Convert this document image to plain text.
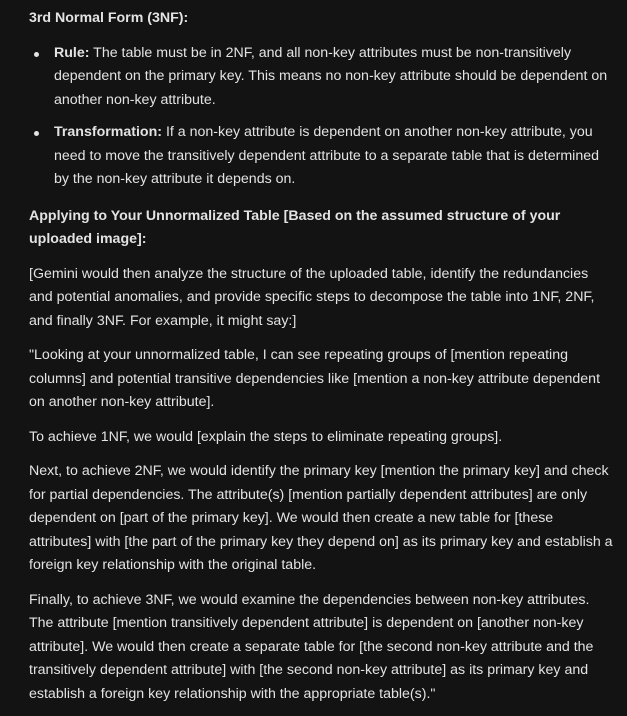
3rd Normal Form (3NF):
Rule: The table must be in 2NF, and all non-key attributes must be non-transitively dependent on the primary key. This means no non-key attribute should be dependent on another non-key attribute.
Transformation: If a non-key attribute is dependent on another non-key attribute, you need to move the transitively dependent attribute to a separate table that is determined by the non-key attribute it depends on.

Applying to Your Unnormalized Table [Based on the assumed structure of your uploaded image]:

[Gemini would then analyze the structure of the uploaded table, identify the redundancies and potential anomalies, and provide specific steps to decompose the table into 1NF, 2NF, and finally 3NF. For example, it might say:]

"Looking at your unnormalized table, I can see repeating groups of [mention repeating columns] and potential transitive dependencies like [mention a non-key attribute dependent on another non-key attribute].

To achieve 1NF, we would [explain the steps to eliminate repeating groups].

Next, to achieve 2NF, we would identify the primary key [mention the primary key] and check for partial dependencies. The attribute(s) [mention partially dependent attributes] are only dependent on [part of the primary key]. We would then create a new table for [these attributes] with [the part of the primary key they depend on] as its primary key and establish a foreign key relationship with the original table.

Finally, to achieve 3NF, we would examine the dependencies between non-key attributes. The attribute [mention transitively dependent attribute] is dependent on [another non-key attribute]. We would then create a separate table for [the second non-key attribute and the transitively dependent attribute] with [the second non-key attribute] as its primary key and establish a foreign key relationship with the appropriate table(s)."
